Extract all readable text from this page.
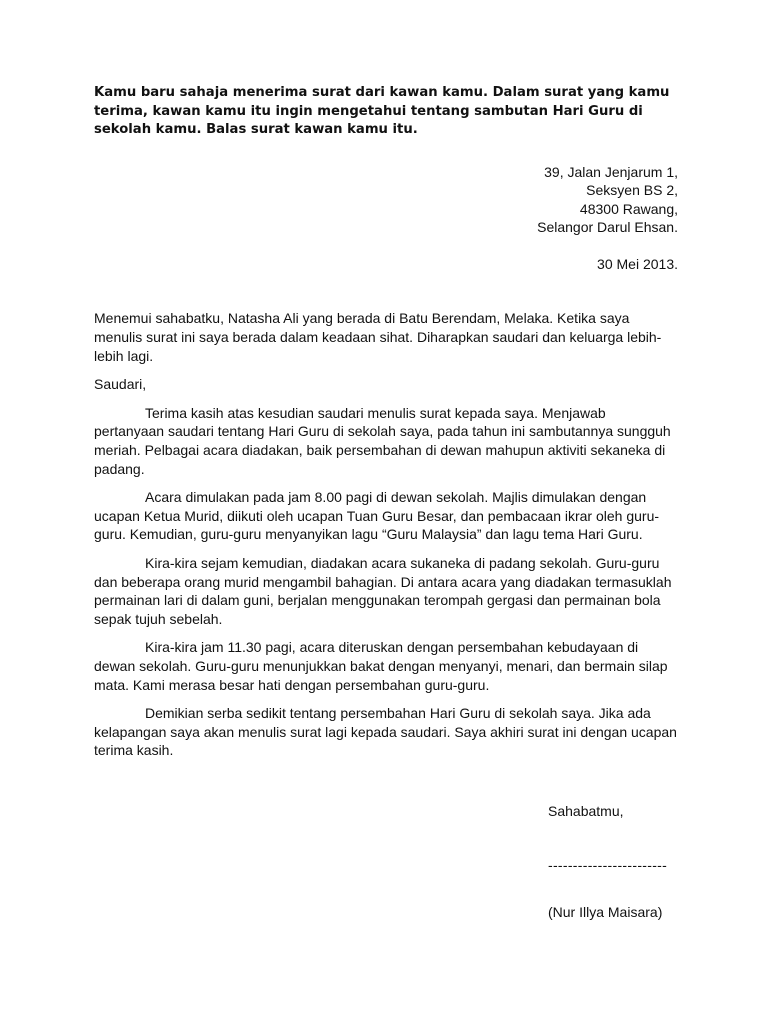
Kamu baru sahaja menerima surat dari kawan kamu. Dalam surat yang kamu terima, kawan kamu itu ingin mengetahui tentang sambutan Hari Guru di sekolah kamu. Balas surat kawan kamu itu.

39, Jalan Jenjarum 1,
Seksyen BS 2,
48300 Rawang,
Selangor Darul Ehsan.
30 Mei 2013.
Menemui sahabatku, Natasha Ali yang berada di Batu Berendam, Melaka. Ketika saya menulis surat ini saya berada dalam keadaan sihat. Diharapkan saudari dan keluarga lebih-lebih lagi.
Saudari,
Terima kasih atas kesudian saudari menulis surat kepada saya. Menjawab pertanyaan saudari tentang Hari Guru di sekolah saya, pada tahun ini sambutannya sungguh meriah. Pelbagai acara diadakan, baik persembahan di dewan mahupun aktiviti sekaneka di padang.
Acara dimulakan pada jam 8.00 pagi di dewan sekolah. Majlis dimulakan dengan ucapan Ketua Murid, diikuti oleh ucapan Tuan Guru Besar, dan pembacaan ikrar oleh guru-guru. Kemudian, guru-guru menyanyikan lagu “Guru Malaysia” dan lagu tema Hari Guru.
Kira-kira sejam kemudian, diadakan acara sukaneka di padang sekolah. Guru-guru dan beberapa orang murid mengambil bahagian. Di antara acara yang diadakan termasuklah permainan lari di dalam guni, berjalan menggunakan terompah gergasi dan permainan bola sepak tujuh sebelah.
Kira-kira jam 11.30 pagi, acara diteruskan dengan persembahan kebudayaan di dewan sekolah. Guru-guru menunjukkan bakat dengan menyanyi, menari, dan bermain silap mata. Kami merasa besar hati dengan persembahan guru-guru.
Demikian serba sedikit tentang persembahan Hari Guru di sekolah saya. Jika ada kelapangan saya akan menulis surat lagi kepada saudari. Saya akhiri surat ini dengan ucapan terima kasih.
Sahabatmu,
------------------------
(Nur Illya Maisara)
